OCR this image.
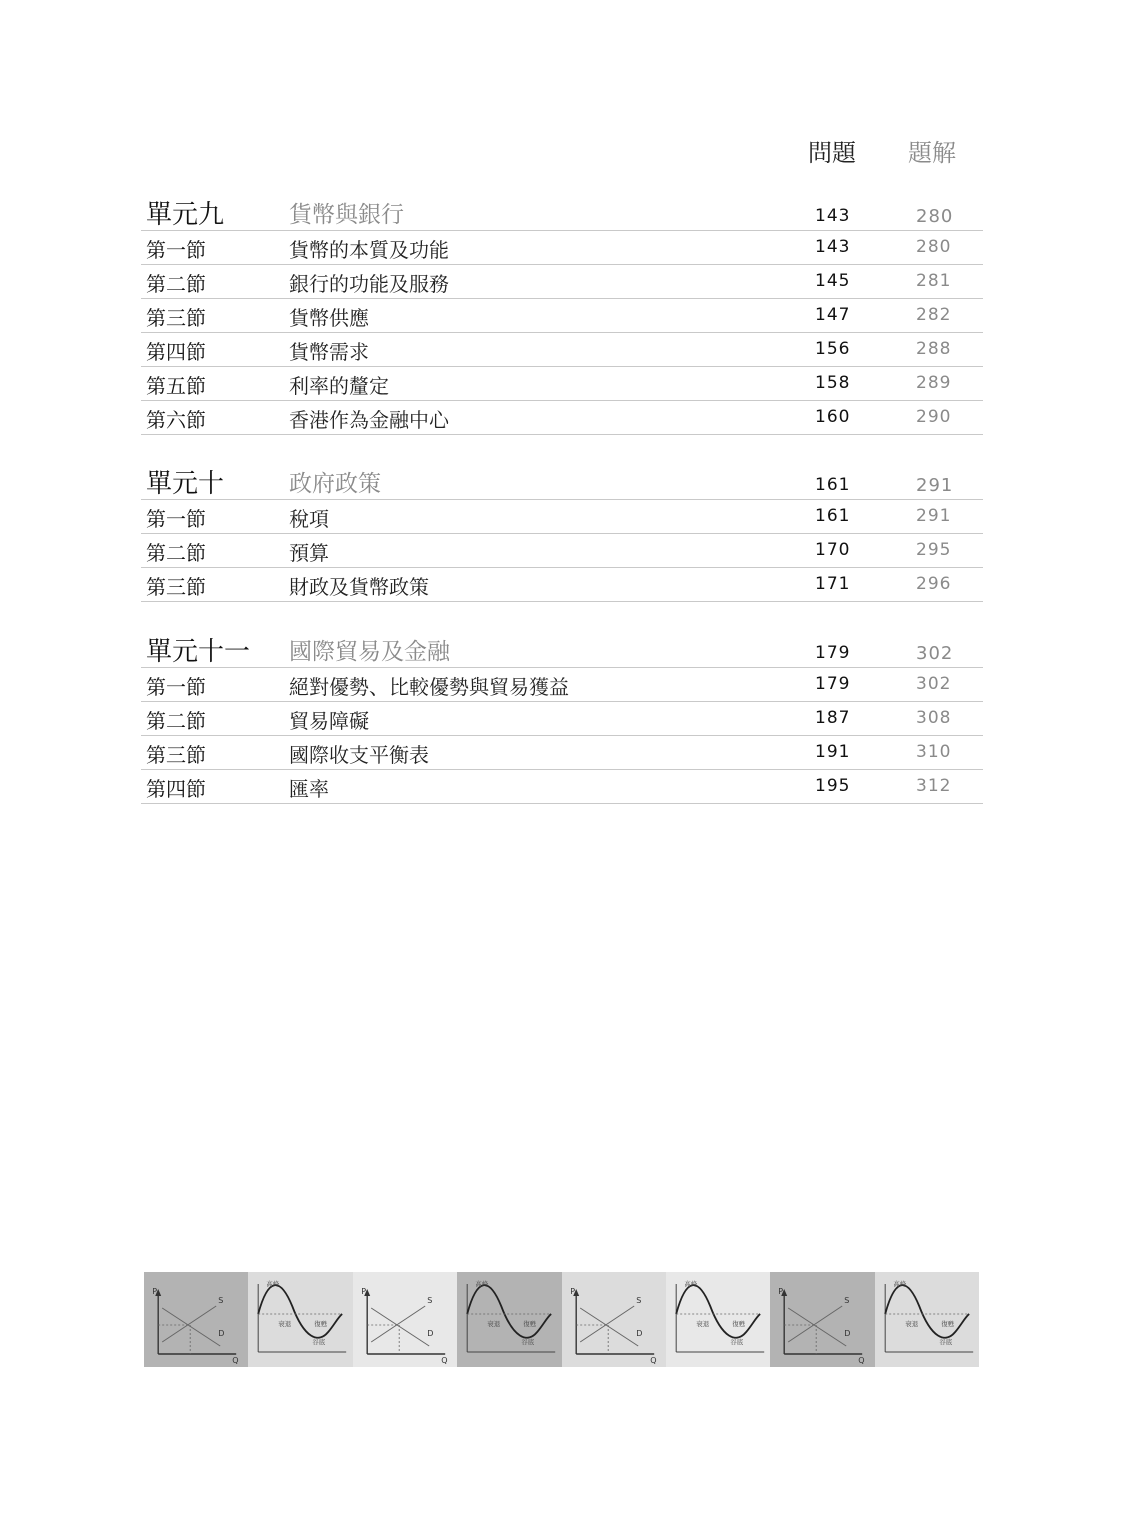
問題 題解
單元九	貨幣與銀行	143	280
第一節	貨幣的本質及功能	143	280
第二節	銀行的功能及服務	145	281
第三節	貨幣供應	147	282
第四節	貨幣需求	156	288
第五節	利率的釐定	158	289
第六節	香港作為金融中心	160	290
單元十	政府政策	161	291
第一節	稅項	161	291
第二節	預算	170	295
第三節	財政及貨幣政策	171	296
單元十一 國際貿易及金融	179	302
第一節	絕對優勢、比較優勢與貿易獲益	179	302
第二節	貿易障礙	187	308
第三節	國際收支平衡表	191	310
第四節	匯率	195	312
P
S
D
Q
高峰
衰退	復甦
谷底
P
S
D
Q
高峰
衰退	復甦
谷底
P
S
D
Q
高峰
衰退	復甦
谷底
P
S
D
Q
高峰
衰退	復甦
谷底
